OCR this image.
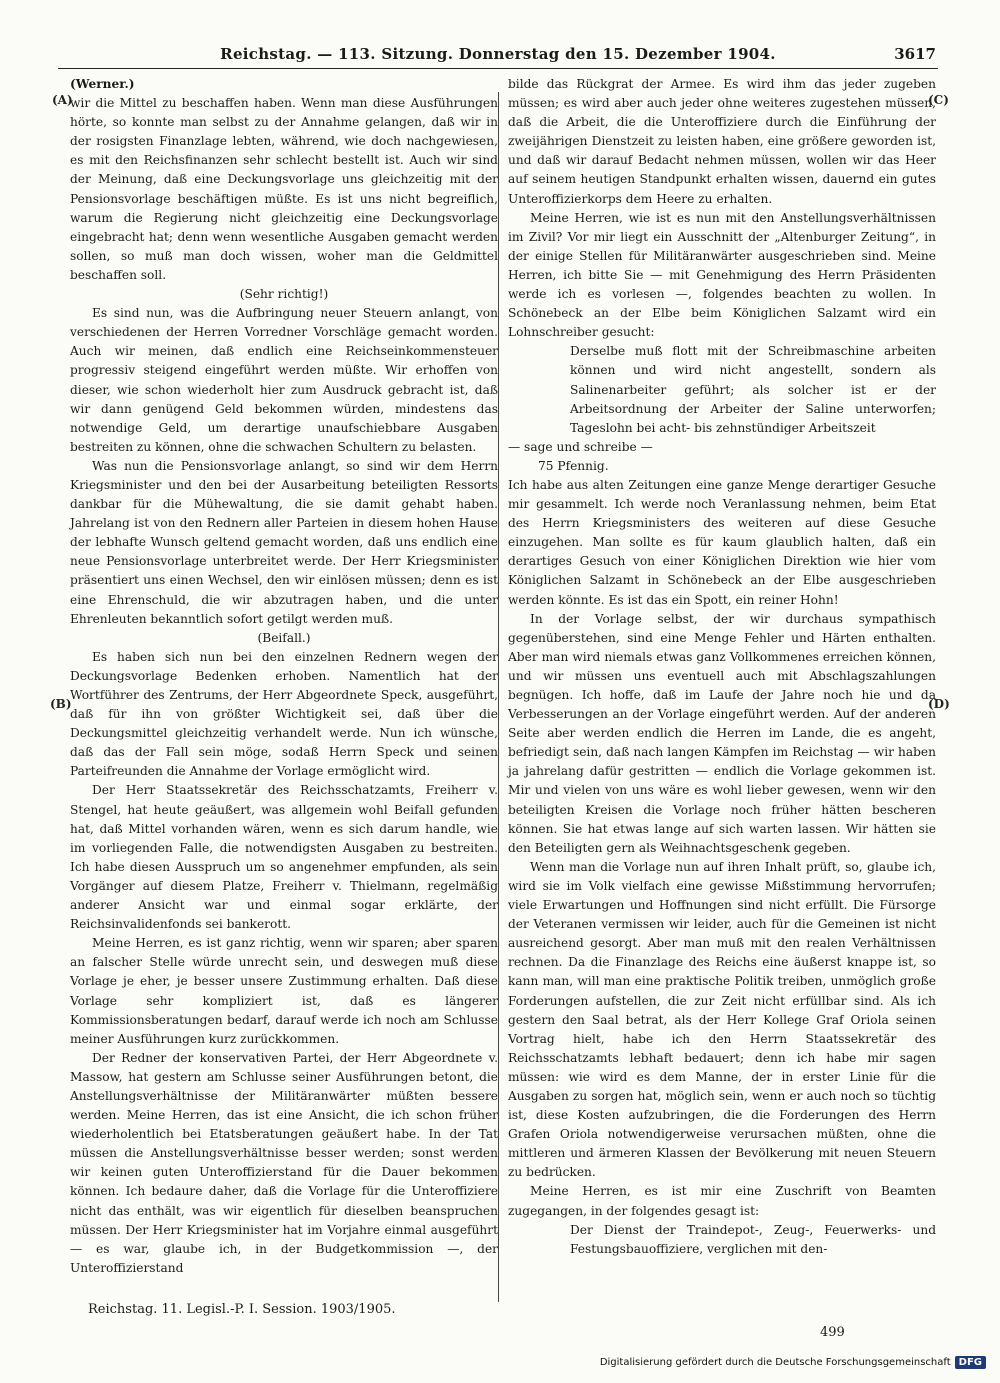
Reichstag. — 113. Sitzung. Donnerstag den 15. Dezember 1904.	3617
(A)
(B)
(C)
(D)

(Werner.)

wir die Mittel zu beschaffen haben. Wenn man diese Ausführungen hörte, so konnte man selbst zu der Annahme gelangen, daß wir in der rosigsten Finanzlage lebten, während, wie doch nachgewiesen, es mit den Reichsfinanzen sehr schlecht bestellt ist. Auch wir sind der Meinung, daß eine Deckungsvorlage uns gleichzeitig mit der Pensionsvorlage beschäftigen müßte. Es ist uns nicht begreiflich, warum die Regierung nicht gleichzeitig eine Deckungsvorlage eingebracht hat; denn wenn wesentliche Ausgaben gemacht werden sollen, so muß man doch wissen, woher man die Geldmittel beschaffen soll.

(Sehr richtig!)

Es sind nun, was die Aufbringung neuer Steuern anlangt, von verschiedenen der Herren Vorredner Vorschläge gemacht worden. Auch wir meinen, daß endlich eine Reichseinkommensteuer progressiv steigend eingeführt werden müßte. Wir erhoffen von dieser, wie schon wiederholt hier zum Ausdruck gebracht ist, daß wir dann genügend Geld bekommen würden, mindestens das notwendige Geld, um derartige unaufschiebbare Ausgaben bestreiten zu können, ohne die schwachen Schultern zu belasten.

Was nun die Pensionsvorlage anlangt, so sind wir dem Herrn Kriegsminister und den bei der Ausarbeitung beteiligten Ressorts dankbar für die Mühewaltung, die sie damit gehabt haben. Jahrelang ist von den Rednern aller Parteien in diesem hohen Hause der lebhafte Wunsch geltend gemacht worden, daß uns endlich eine neue Pensionsvorlage unterbreitet werde. Der Herr Kriegsminister präsentiert uns einen Wechsel, den wir einlösen müssen; denn es ist eine Ehrenschuld, die wir abzutragen haben, und die unter Ehrenleuten bekanntlich sofort getilgt werden muß.

(Beifall.)

Es haben sich nun bei den einzelnen Rednern wegen der Deckungsvorlage Bedenken erhoben. Namentlich hat der Wortführer des Zentrums, der Herr Abgeordnete Speck, ausgeführt, daß für ihn von größter Wichtigkeit sei, daß über die Deckungsmittel gleichzeitig verhandelt werde. Nun ich wünsche, daß das der Fall sein möge, sodaß Herrn Speck und seinen Parteifreunden die Annahme der Vorlage ermöglicht wird.

Der Herr Staatssekretär des Reichsschatzamts, Freiherr v. Stengel, hat heute geäußert, was allgemein wohl Beifall gefunden hat, daß Mittel vorhanden wären, wenn es sich darum handle, wie im vorliegenden Falle, die notwendigsten Ausgaben zu bestreiten. Ich habe diesen Ausspruch um so angenehmer empfunden, als sein Vorgänger auf diesem Platze, Freiherr v. Thielmann, regelmäßig anderer Ansicht war und einmal sogar erklärte, der Reichsinvalidenfonds sei bankerott.

Meine Herren, es ist ganz richtig, wenn wir sparen; aber sparen an falscher Stelle würde unrecht sein, und deswegen muß diese Vorlage je eher, je besser unsere Zustimmung erhalten. Daß diese Vorlage sehr kompliziert ist, daß es längerer Kommissionsberatungen bedarf, darauf werde ich noch am Schlusse meiner Ausführungen kurz zurückkommen.

Der Redner der konservativen Partei, der Herr Abgeordnete v. Massow, hat gestern am Schlusse seiner Ausführungen betont, die Anstellungsverhältnisse der Militäranwärter müßten bessere werden. Meine Herren, das ist eine Ansicht, die ich schon früher wiederholentlich bei Etatsberatungen geäußert habe. In der Tat müssen die Anstellungsverhältnisse besser werden; sonst werden wir keinen guten Unteroffizierstand für die Dauer bekommen können. Ich bedaure daher, daß die Vorlage für die Unteroffiziere nicht das enthält, was wir eigentlich für dieselben beanspruchen müssen. Der Herr Kriegsminister hat im Vorjahre einmal ausgeführt — es war, glaube ich, in der Budgetkommission —, der Unteroffizierstand

bilde das Rückgrat der Armee. Es wird ihm das jeder zugeben müssen; es wird aber auch jeder ohne weiteres zugestehen müssen, daß die Arbeit, die die Unteroffiziere durch die Einführung der zweijährigen Dienstzeit zu leisten haben, eine größere geworden ist, und daß wir darauf Bedacht nehmen müssen, wollen wir das Heer auf seinem heutigen Standpunkt erhalten wissen, dauernd ein gutes Unteroffizierkorps dem Heere zu erhalten.

Meine Herren, wie ist es nun mit den Anstellungsverhältnissen im Zivil? Vor mir liegt ein Ausschnitt der „Altenburger Zeitung“, in der einige Stellen für Militäranwärter ausgeschrieben sind. Meine Herren, ich bitte Sie — mit Genehmigung des Herrn Präsidenten werde ich es vorlesen —, folgendes beachten zu wollen. In Schönebeck an der Elbe beim Königlichen Salzamt wird ein Lohnschreiber gesucht:

Derselbe muß flott mit der Schreibmaschine arbeiten können und wird nicht angestellt, sondern als Salinenarbeiter geführt; als solcher ist er der Arbeitsordnung der Arbeiter der Saline unterworfen; Tageslohn bei acht- bis zehnstündiger Arbeitszeit

— sage und schreibe —

75 Pfennig.

Ich habe aus alten Zeitungen eine ganze Menge derartiger Gesuche mir gesammelt. Ich werde noch Veranlassung nehmen, beim Etat des Herrn Kriegsministers des weiteren auf diese Gesuche einzugehen. Man sollte es für kaum glaublich halten, daß ein derartiges Gesuch von einer Königlichen Direktion wie hier vom Königlichen Salzamt in Schönebeck an der Elbe ausgeschrieben werden könnte. Es ist das ein Spott, ein reiner Hohn!

In der Vorlage selbst, der wir durchaus sympathisch gegenüberstehen, sind eine Menge Fehler und Härten enthalten. Aber man wird niemals etwas ganz Vollkommenes erreichen können, und wir müssen uns eventuell auch mit Abschlagszahlungen begnügen. Ich hoffe, daß im Laufe der Jahre noch hie und da Verbesserungen an der Vorlage eingeführt werden. Auf der anderen Seite aber werden endlich die Herren im Lande, die es angeht, befriedigt sein, daß nach langen Kämpfen im Reichstag — wir haben ja jahrelang dafür gestritten — endlich die Vorlage gekommen ist. Mir und vielen von uns wäre es wohl lieber gewesen, wenn wir den beteiligten Kreisen die Vorlage noch früher hätten bescheren können. Sie hat etwas lange auf sich warten lassen. Wir hätten sie den Beteiligten gern als Weihnachtsgeschenk gegeben.

Wenn man die Vorlage nun auf ihren Inhalt prüft, so, glaube ich, wird sie im Volk vielfach eine gewisse Mißstimmung hervorrufen; viele Erwartungen und Hoffnungen sind nicht erfüllt. Die Fürsorge der Veteranen vermissen wir leider, auch für die Gemeinen ist nicht ausreichend gesorgt. Aber man muß mit den realen Verhältnissen rechnen. Da die Finanzlage des Reichs eine äußerst knappe ist, so kann man, will man eine praktische Politik treiben, unmöglich große Forderungen aufstellen, die zur Zeit nicht erfüllbar sind. Als ich gestern den Saal betrat, als der Herr Kollege Graf Oriola seinen Vortrag hielt, habe ich den Herrn Staatssekretär des Reichsschatzamts lebhaft bedauert; denn ich habe mir sagen müssen: wie wird es dem Manne, der in erster Linie für die Ausgaben zu sorgen hat, möglich sein, wenn er auch noch so tüchtig ist, diese Kosten aufzubringen, die die Forderungen des Herrn Grafen Oriola notwendigerweise verursachen müßten, ohne die mittleren und ärmeren Klassen der Bevölkerung mit neuen Steuern zu bedrücken.

Meine Herren, es ist mir eine Zuschrift von Beamten zugegangen, in der folgendes gesagt ist:

Der Dienst der Traindepot-, Zeug-, Feuerwerks- und Festungsbauoffiziere, verglichen mit den-

Reichstag. 11. Legisl.-P. I. Session. 1903/1905.
499
Digitalisierung gefördert durch die Deutsche Forschungsgemeinschaft DFG
